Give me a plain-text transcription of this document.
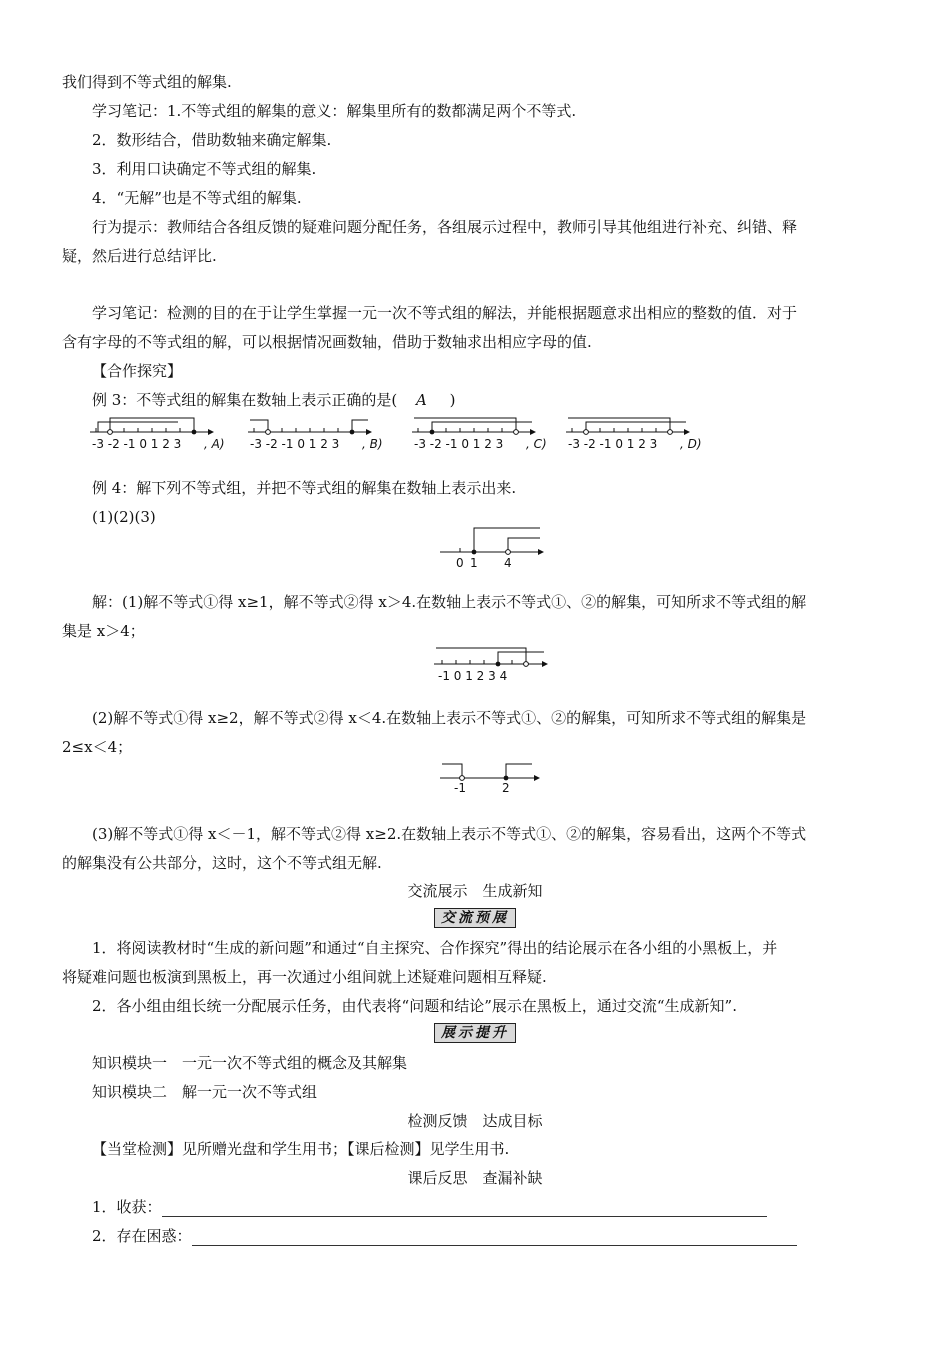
我们得到不等式组的解集.
学习笔记：1.不等式组的解集的意义：解集里所有的数都满足两个不等式.
2．数形结合，借助数轴来确定解集.
3．利用口诀确定不等式组的解集.
4．“无解”也是不等式组的解集.
行为提示：教师结合各组反馈的疑难问题分配任务，各组展示过程中，教师引导其他组进行补充、纠错、释
疑，然后进行总结评比.
学习笔记：检测的目的在于让学生掌握一元一次不等式组的解法，并能根据题意求出相应的整数的值．对于
含有字母的不等式组的解，可以根据情况画数轴，借助于数轴求出相应字母的值.
【合作探究】
例 3：不等式组的解集在数轴上表示正确的是( A )
-3 -2 -1 0 1 2 3 , A) -3 -2 -1 0 1 2 3 , B)	-3 -2 -1 0 1 2 3 , C) -3 -2 -1 0 1 2 3 , D)
例 4：解下列不等式组，并把不等式组的解集在数轴上表示出来.
(1)(2)(3)
0 1 4
解：(1)解不等式①得 x≥1，解不等式②得 x＞4.在数轴上表示不等式①、②的解集，可知所求不等式组的解
集是 x＞4；
-1 0 1 2 3 4
(2)解不等式①得 x≥2，解不等式②得 x＜4.在数轴上表示不等式①、②的解集，可知所求不等式组的解集是
2≤x＜4；
-1	2
(3)解不等式①得 x＜－1，解不等式②得 x≥2.在数轴上表示不等式①、②的解集，容易看出，这两个不等式
的解集没有公共部分，这时，这个不等式组无解.
交流展示　生成新知
交流预展
1．将阅读教材时“生成的新问题”和通过“自主探究、合作探究”得出的结论展示在各小组的小黑板上，并
将疑难问题也板演到黑板上，再一次通过小组间就上述疑难问题相互释疑.
2．各小组由组长统一分配展示任务，由代表将“问题和结论”展示在黑板上，通过交流“生成新知”.
展示提升
知识模块一　一元一次不等式组的概念及其解集
知识模块二　解一元一次不等式组
检测反馈　达成目标
【当堂检测】见所赠光盘和学生用书；【课后检测】见学生用书.
课后反思　查漏补缺
1．收获：
2．存在困惑：
